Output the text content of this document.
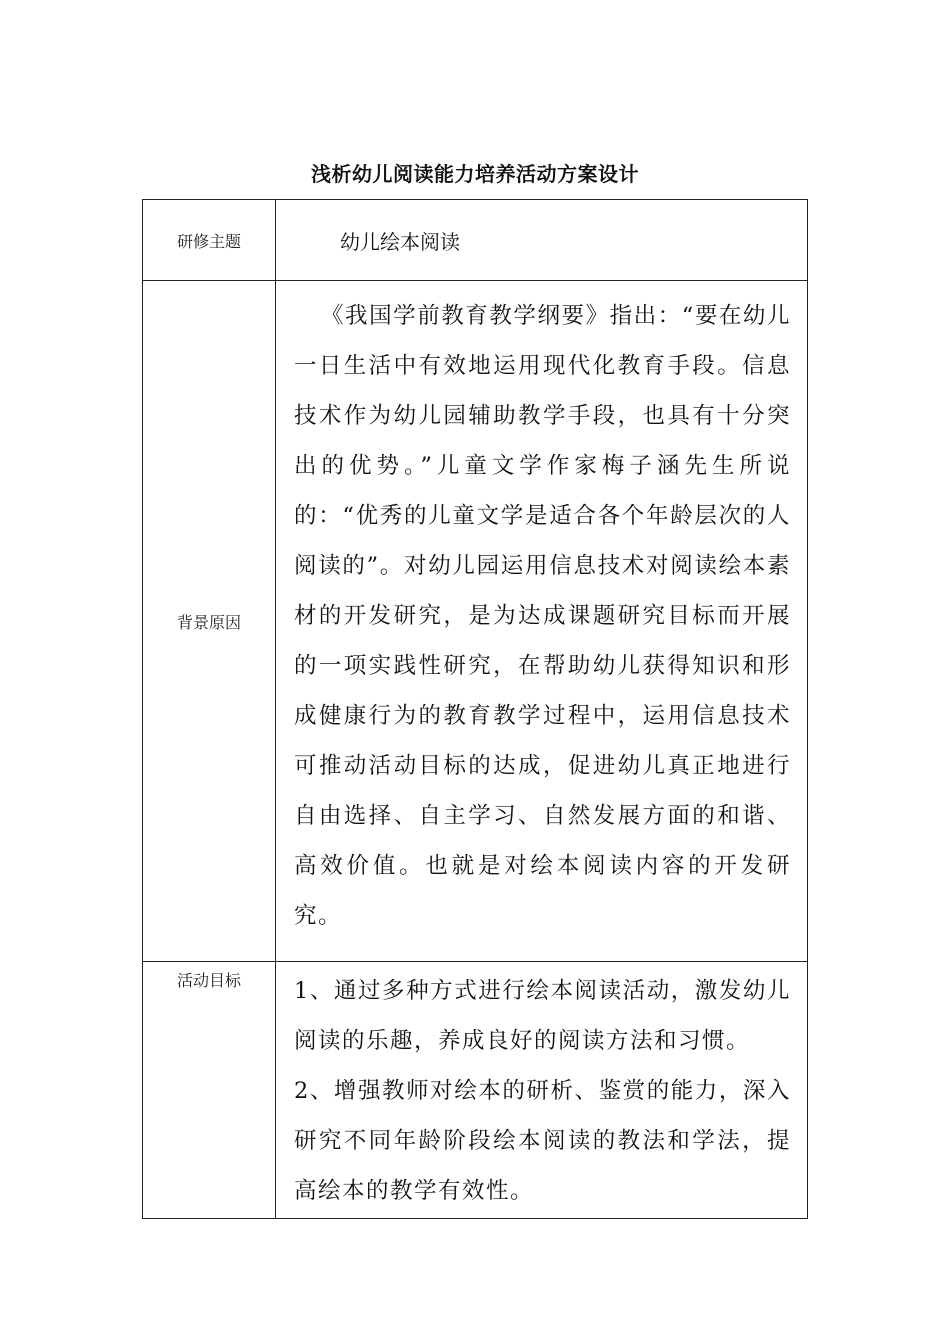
浅析幼儿阅读能力培养活动方案设计
研修主题	幼儿绘本阅读
背景原因	《我国学前教育教学纲要》指出：“要在幼儿一日生活中有效地运用现代化教育手段。信息技术作为幼儿园辅助教学手段，也具有十分突出的优势。”儿童文学作家梅子涵先生所说的：“优秀的儿童文学是适合各个年龄层次的人阅读的”。对幼儿园运用信息技术对阅读绘本素材的开发研究，是为达成课题研究目标而开展的一项实践性研究，在帮助幼儿获得知识和形成健康行为的教育教学过程中，运用信息技术可推动活动目标的达成，促进幼儿真正地进行自由选择、自主学习、自然发展方面的和谐、高效价值。也就是对绘本阅读内容的开发研究。

活动目标	1、通过多种方式进行绘本阅读活动，激发幼儿阅读的乐趣，养成良好的阅读方法和习惯。

2、增强教师对绘本的研析、鉴赏的能力，深入研究不同年龄阶段绘本阅读的教法和学法，提高绘本的教学有效性。
